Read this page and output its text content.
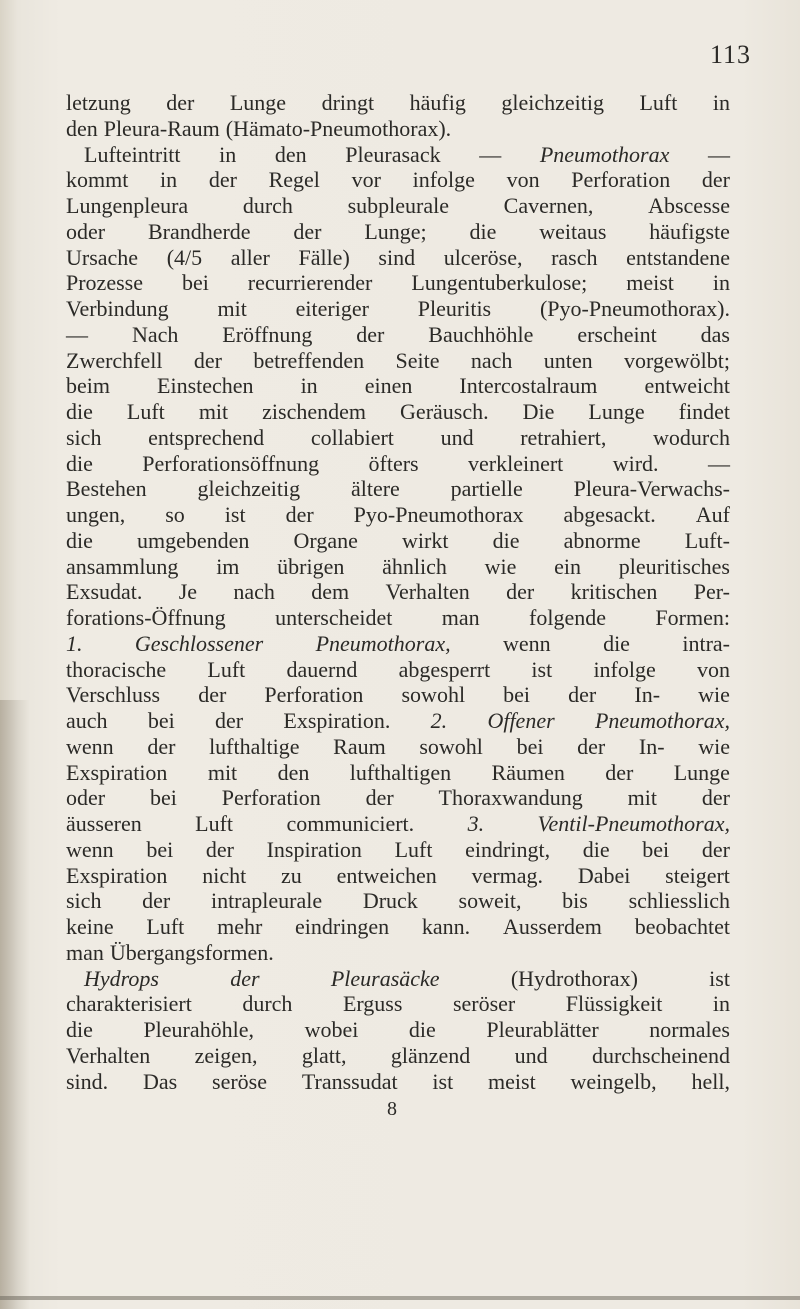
113
letzung der Lunge dringt häufig gleichzeitig Luft in
den Pleura-Raum (Hämato-Pneumothorax).
Lufteintritt in den Pleurasack — Pneumothorax —
kommt in der Regel vor infolge von Perforation der
Lungenpleura durch subpleurale Cavernen, Abscesse
oder Brandherde der Lunge; die weitaus häufigste
Ursache (4/5 aller Fälle) sind ulceröse, rasch entstandene
Prozesse bei recurrierender Lungentuberkulose; meist in
Verbindung mit eiteriger Pleuritis (Pyo-Pneumothorax).
— Nach Eröffnung der Bauchhöhle erscheint das
Zwerchfell der betreffenden Seite nach unten vorgewölbt;
beim Einstechen in einen Intercostalraum entweicht
die Luft mit zischendem Geräusch. Die Lunge findet
sich entsprechend collabiert und retrahiert, wodurch
die Perforationsöffnung öfters verkleinert wird. —
Bestehen gleichzeitig ältere partielle Pleura-Verwachs-
ungen, so ist der Pyo-Pneumothorax abgesackt. Auf
die umgebenden Organe wirkt die abnorme Luft-
ansammlung im übrigen ähnlich wie ein pleuritisches
Exsudat. Je nach dem Verhalten der kritischen Per-
forations-Öffnung unterscheidet man folgende Formen:
1. Geschlossener Pneumothorax, wenn die intra-
thoracische Luft dauernd abgesperrt ist infolge von
Verschluss der Perforation sowohl bei der In- wie
auch bei der Exspiration. 2. Offener Pneumothorax,
wenn der lufthaltige Raum sowohl bei der In- wie
Exspiration mit den lufthaltigen Räumen der Lunge
oder bei Perforation der Thoraxwandung mit der
äusseren Luft communiciert. 3. Ventil-Pneumothorax,
wenn bei der Inspiration Luft eindringt, die bei der
Exspiration nicht zu entweichen vermag. Dabei steigert
sich der intrapleurale Druck soweit, bis schliesslich
keine Luft mehr eindringen kann. Ausserdem beobachtet
man Übergangsformen.
Hydrops	der	Pleurasäcke	(Hydrothorax)	ist
charakterisiert durch Erguss seröser Flüssigkeit in
die Pleurahöhle, wobei die Pleurablätter normales
Verhalten zeigen, glatt, glänzend und durchscheinend
sind. Das seröse Transsudat ist meist weingelb, hell,
8
